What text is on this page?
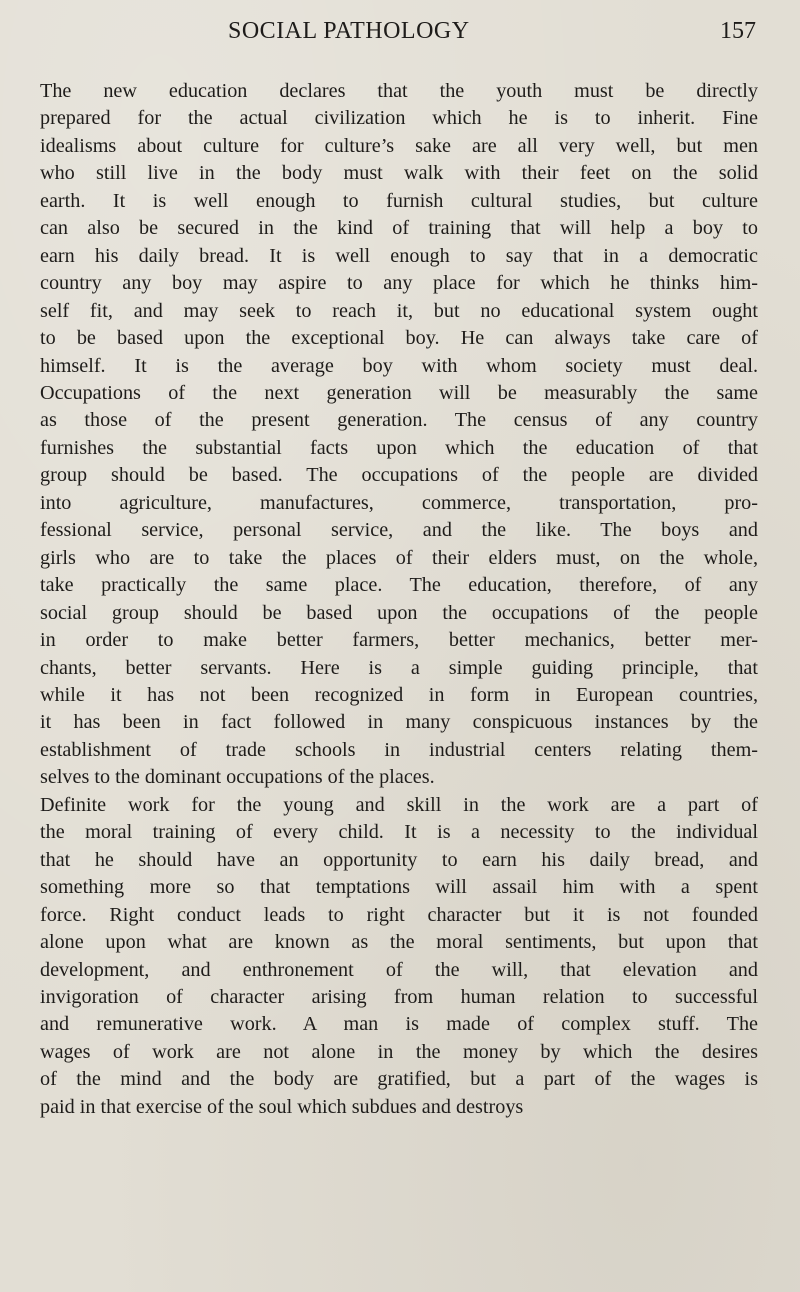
SOCIAL PATHOLOGY	157

The new education declares that the youth must be directly
prepared for the actual civilization which he is to inherit. Fine
idealisms about culture for culture’s sake are all very well, but men
who still live in the body must walk with their feet on the solid
earth. It is well enough to furnish cultural studies, but culture
can also be secured in the kind of training that will help a boy to
earn his daily bread. It is well enough to say that in a democratic
country any boy may aspire to any place for which he thinks him-
self fit, and may seek to reach it, but no educational system ought
to be based upon the exceptional boy. He can always take care of
himself. It is the average boy with whom society must deal.
Occupations of the next generation will be measurably the same
as those of the present generation. The census of any country
furnishes the substantial facts upon which the education of that
group should be based. The occupations of the people are divided
into agriculture, manufactures, commerce, transportation, pro-
fessional service, personal service, and the like. The boys and
girls who are to take the places of their elders must, on the whole,
take practically the same place. The education, therefore, of any
social group should be based upon the occupations of the people
in order to make better farmers, better mechanics, better mer-
chants, better servants. Here is a simple guiding principle, that
while it has not been recognized in form in European countries,
it has been in fact followed in many conspicuous instances by the
establishment of trade schools in industrial centers relating them-
selves to the dominant occupations of the places.

Definite work for the young and skill in the work are a part of
the moral training of every child. It is a necessity to the individual
that he should have an opportunity to earn his daily bread, and
something more so that temptations will assail him with a spent
force. Right conduct leads to right character but it is not founded
alone upon what are known as the moral sentiments, but upon that
development, and enthronement of the will, that elevation and
invigoration of character arising from human relation to successful
and remunerative work. A man is made of complex stuff. The
wages of work are not alone in the money by which the desires
of the mind and the body are gratified, but a part of the wages is
paid in that exercise of the soul which subdues and destroys
